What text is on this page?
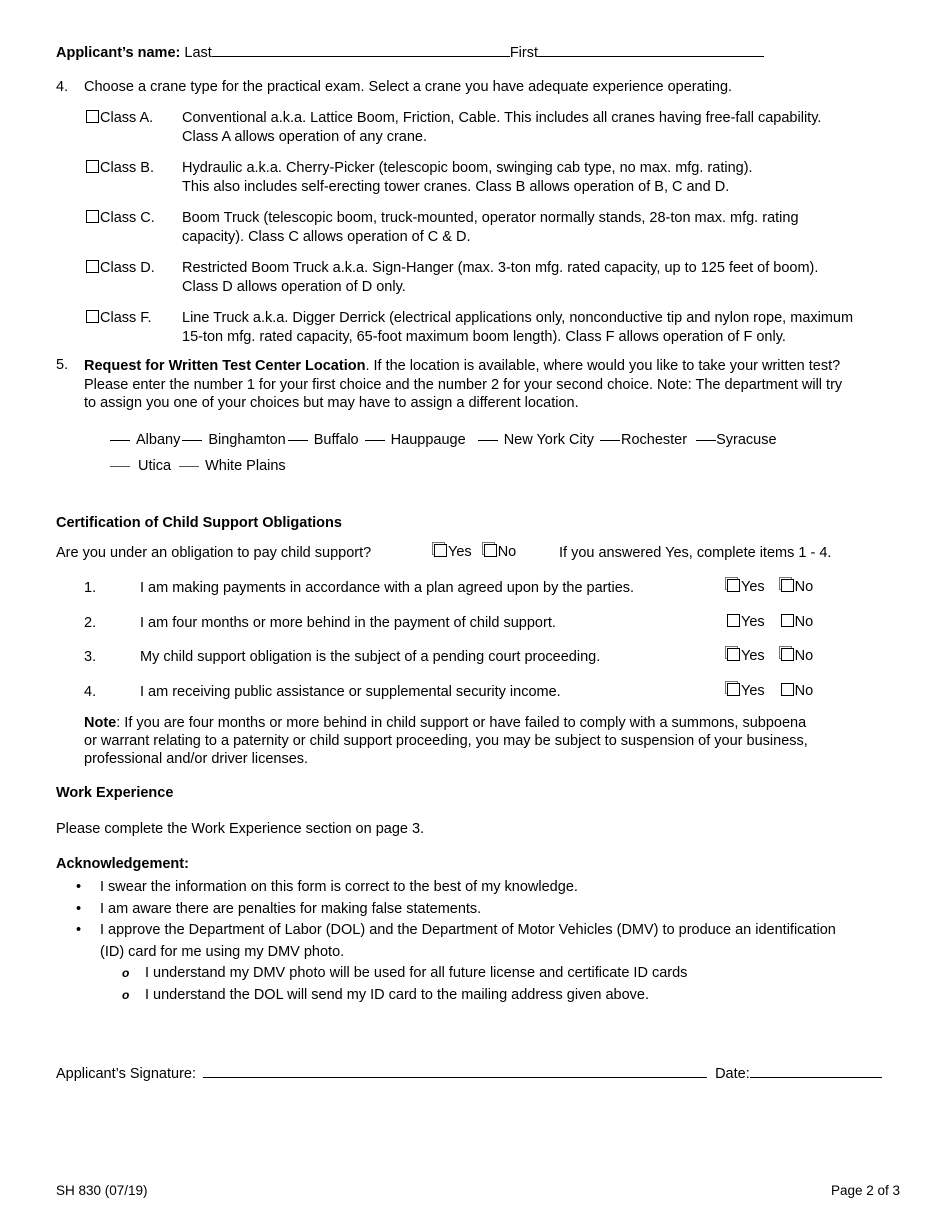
Applicant’s name: Last	First
4. Choose a crane type for the practical exam. Select a crane you have adequate experience operating.
Class A. Conventional a.k.a. Lattice Boom, Friction, Cable. This includes all cranes having free-fall capability.
Class A allows operation of any crane.
Class B. Hydraulic a.k.a. Cherry-Picker (telescopic boom, swinging cab type, no max. mfg. rating).
This also includes self-erecting tower cranes. Class B allows operation of B, C and D.
Class C. Boom Truck (telescopic boom, truck-mounted, operator normally stands, 28-ton max. mfg. rating
capacity). Class C allows operation of C & D.
Class D. Restricted Boom Truck a.k.a. Sign-Hanger (max. 3-ton mfg. rated capacity, up to 125 feet of boom).
Class D allows operation of D only.
Class F. Line Truck a.k.a. Digger Derrick (electrical applications only, nonconductive tip and nylon rope, maximum
15-ton mfg. rated capacity, 65-foot maximum boom length). Class F allows operation of F only.
5. Request for Written Test Center Location. If the location is available, where would you like to take your written test?
Please enter the number 1 for your first choice and the number 2 for your second choice. Note: The department will try
to assign you one of your choices but may have to assign a different location.
Albany Binghamton Buffalo Hauppauge	New York City Rochester Syracuse
Utica White Plains
Certification of Child Support Obligations
Are you under an obligation to pay child support?	Yes No	If you answered Yes, complete items 1 - 4.
1.	I am making payments in accordance with a plan agreed upon by the parties.	Yes No
2.	I am four months or more behind in the payment of child support.	Yes No
3.	My child support obligation is the subject of a pending court proceeding.	Yes No
4.	I am receiving public assistance or supplemental security income.	Yes No
Note: If you are four months or more behind in child support or have failed to comply with a summons, subpoena
or warrant relating to a paternity or child support proceeding, you may be subject to suspension of your business,
professional and/or driver licenses.
Work Experience
Please complete the Work Experience section on page 3.
Acknowledgement:
• I swear the information on this form is correct to the best of my knowledge.
• I am aware there are penalties for making false statements.
• I approve the Department of Labor (DOL) and the Department of Motor Vehicles (DMV) to produce an identification
(ID) card for me using my DMV photo.
o I understand my DMV photo will be used for all future license and certificate ID cards
o I understand the DOL will send my ID card to the mailing address given above.
Applicant’s Signature:	Date:
SH 830 (07/19)	Page 2 of 3
